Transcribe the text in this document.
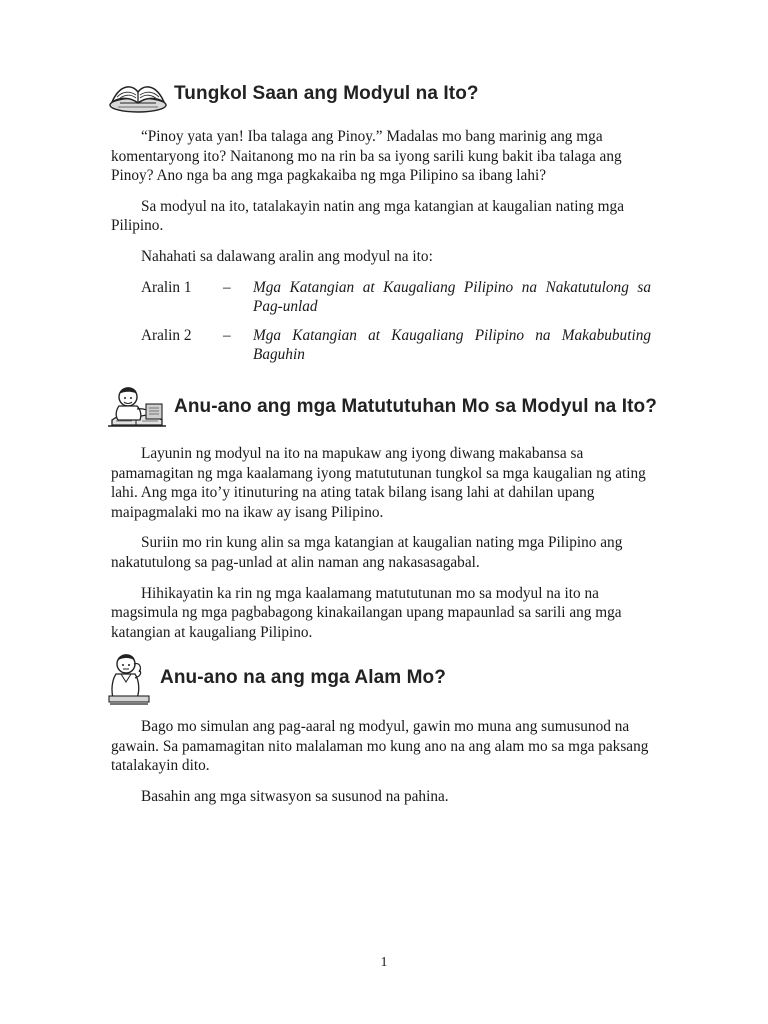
Tungkol Saan ang Modyul na Ito?

“Pinoy yata yan! Iba talaga ang Pinoy.” Madalas mo bang marinig ang mga komentaryong ito? Naitanong mo na rin ba sa iyong sarili kung bakit iba talaga ang Pinoy? Ano nga ba ang mga pagkakaiba ng mga Pilipino sa ibang lahi?

Sa modyul na ito, tatalakayin natin ang mga katangian at kaugalian nating mga Pilipino.

Nahahati sa dalawang aralin ang modyul na ito:

Aralin 1	–	Mga Katangian at Kaugaliang Pilipino na Nakatutulong sa Pag-unlad
Aralin 2	–	Mga Katangian at Kaugaliang Pilipino na Makabubuting Baguhin
Anu-ano ang mga Matututuhan Mo sa Modyul na Ito?

Layunin ng modyul na ito na mapukaw ang iyong diwang makabansa sa pamamagitan ng mga kaalamang iyong matututunan tungkol sa mga kaugalian ng ating lahi. Ang mga ito’y itinuturing na ating tatak bilang isang lahi at dahilan upang maipagmalaki mo na ikaw ay isang Pilipino.

Suriin mo rin kung alin sa mga katangian at kaugalian nating mga Pilipino ang nakatutulong sa pag-unlad at alin naman ang nakasasagabal.

Hihikayatin ka rin ng mga kaalamang matututunan mo sa modyul na ito na magsimula ng mga pagbabagong kinakailangan upang mapaunlad sa sarili ang mga katangian at kaugaliang Pilipino.

Anu-ano na ang mga Alam Mo?

Bago mo simulan ang pag-aaral ng modyul, gawin mo muna ang sumusunod na gawain. Sa pamamagitan nito malalaman mo kung ano na ang alam mo sa mga paksang tatalakayin dito.

Basahin ang mga sitwasyon sa susunod na pahina.

1
